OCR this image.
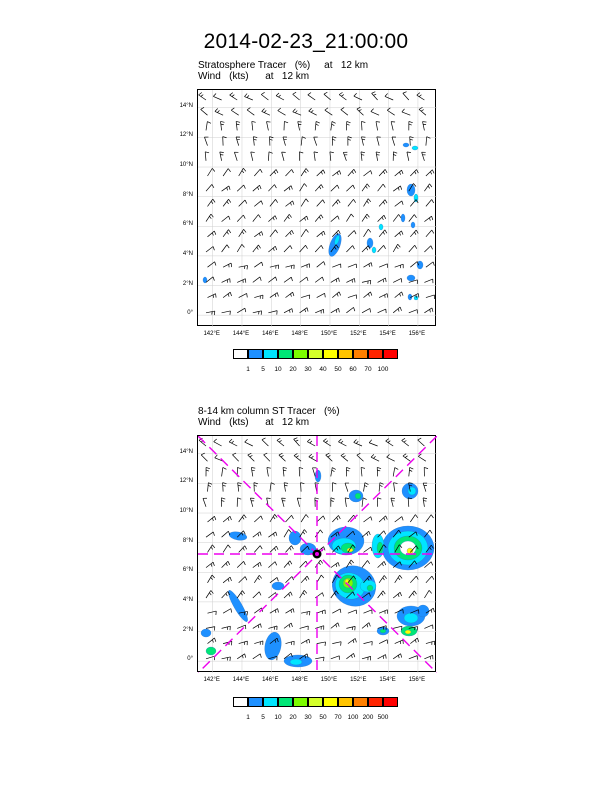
2014-02-23_21:00:00
Stratosphere Tracer   (%)     at   12 km
Wind   (kts)      at   12 km
0°
2°N
4°N
6°N
8°N
10°N
12°N
14°N
142°E	144°E	146°E	148°E	150°E	152°E	154°E	156°E
1	5	10	20	30	40	50	60	70 100
8-14 km column ST Tracer   (%)
Wind   (kts)      at   12 km
0°
2°N
4°N
6°N
8°N
10°N
12°N
14°N
142°E	144°E	146°E	148°E	150°E	152°E	154°E	156°E
1	5	10	20	30	50	70 100 200 500
